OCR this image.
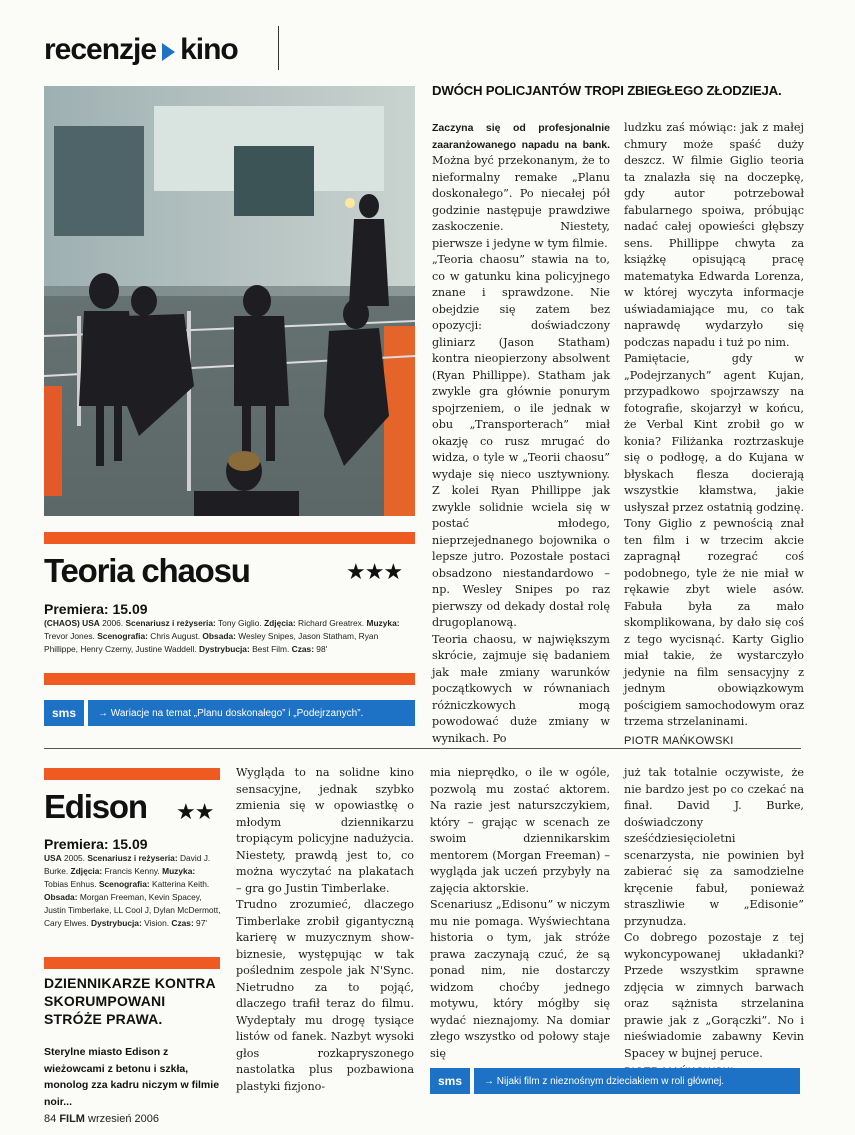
recenzje kino
DWÓCH POLICJANTÓW TROPI ZBIEGŁEGO ZŁODZIEJA.

Zaczyna się od profesjonalnie zaaranżowanego napadu na bank. Można być przekonanym, że to nieformalny remake „Planu doskonałego”. Po niecałej pół godzinie następuje prawdziwe zaskoczenie. Niestety, pierwsze i jedyne w tym filmie.

„Teoria chaosu” stawia na to, co w gatunku kina policyjnego znane i sprawdzone. Nie obejdzie się zatem bez opozycji: doświadczony gliniarz (Jason Statham) kontra nieopierzony absolwent (Ryan Phillippe). Statham jak zwykle gra głównie ponurym spojrzeniem, o ile jednak w obu „Transporterach” miał okazję co rusz mrugać do widza, o tyle w „Teorii chaosu” wydaje się nieco usztywniony. Z kolei Ryan Phillippe jak zwykle solidnie wciela się w postać młodego, nieprzejednanego bojownika o lepsze jutro. Pozostałe postaci obsadzono niestandardowo – np. Wesley Snipes po raz pierwszy od dekady dostał rolę drugoplanową.

Teoria chaosu, w największym skrócie, zajmuje się badaniem jak małe zmiany warunków początkowych w równaniach różniczkowych mogą powodować duże zmiany w wynikach. Po

ludzku zaś mówiąc: jak z małej chmury może spaść duży deszcz. W filmie Giglio teoria ta znalazła się na doczepkę, gdy autor potrzebował fabularnego spoiwa, próbując nadać całej opowieści głębszy sens. Phillippe chwyta za książkę opisującą pracę matematyka Edwarda Lorenza, w której wyczyta informacje uświadamiające mu, co tak naprawdę wydarzyło się podczas napadu i tuż po nim.

Pamiętacie, gdy w „Podejrzanych” agent Kujan, przypadkowo spojrzawszy na fotografie, skojarzył w końcu, że Verbal Kint zrobił go w konia? Filiżanka roztrzaskuje się o podłogę, a do Kujana w błyskach flesza docierają wszystkie kłamstwa, jakie usłyszał przez ostatnią godzinę. Tony Giglio z pewnością znał ten film i w trzecim akcie zapragnął rozegrać coś podobnego, tyle że nie miał w rękawie zbyt wiele asów. Fabuła była za mało skomplikowana, by dało się coś z tego wycisnąć. Karty Giglio miał takie, że wystarczyło jedynie na film sensacyjny z jednym obowiązkowym pościgiem samochodowym oraz trzema strzelaninami.

PIOTR MAŃKOWSKI

Teoria chaosu	★★★
Premiera: 15.09
(CHAOS) USA 2006. Scenariusz i reżyseria: Tony Giglio. Zdjęcia: Richard Greatrex. Muzyka: Trevor Jones. Scenografia: Chris August. Obsada: Wesley Snipes, Jason Statham, Ryan Phillippe, Henry Czerny, Justine Waddell. Dystrybucja: Best Film. Czas: 98'
sms	→ Wariacje na temat „Planu doskonałego” i „Podejrzanych”.
Edison ★★
Premiera: 15.09
USA 2005. Scenariusz i reżyseria: David J. Burke. Zdjęcia: Francis Kenny. Muzyka: Tobias Enhus. Scenografia: Katterina Keith. Obsada: Morgan Freeman, Kevin Spacey, Justin Timberlake, LL Cool J, Dylan McDermott, Cary Elwes. Dystrybucja: Vision. Czas: 97'
DZIENNIKARZE KONTRA SKORUMPOWANI STRÓŻE PRAWA.
Sterylne miasto Edison z wieżowcami z betonu i szkła, monolog zza kadru niczym w filmie noir...

Wygląda to na solidne kino sensacyjne, jednak szybko zmienia się w opowiastkę o młodym dziennikarzu tropiącym policyjne nadużycia. Niestety, prawdą jest to, co można wyczytać na plakatach – gra go Justin Timberlake.

Trudno zrozumieć, dlaczego Timberlake zrobił gigantyczną karierę w muzycznym show-biznesie, występując w tak poślednim zespole jak N'Sync. Nietrudno za to pojąć, dlaczego trafił teraz do filmu. Wydeptały mu drogę tysiące listów od fanek. Nazbyt wysoki głos rozkapryszonego nastolatka plus pozbawiona plastyki fizjono-

mia nieprędko, o ile w ogóle, pozwolą mu zostać aktorem. Na razie jest naturszczykiem, który – grając w scenach ze swoim dziennikarskim mentorem (Morgan Freeman) – wygląda jak uczeń przybyły na zajęcia aktorskie.

Scenariusz „Edisonu” w niczym mu nie pomaga. Wyświechtana historia o tym, jak stróże prawa zaczynają czuć, że są ponad nim, nie dostarczy widzom choćby jednego motywu, który mógłby się wydać nieznajomy. Na domiar złego wszystko od połowy staje się

już tak totalnie oczywiste, że nie bardzo jest po co czekać na finał. David J. Burke, doświadczony sześćdziesięcioletni scenarzysta, nie powinien był zabierać się za samodzielne kręcenie fabuł, ponieważ straszliwie w „Edisonie” przynudza.

Co dobrego pozostaje z tej wykoncypowanej układanki? Przede wszystkim sprawne zdjęcia w zimnych barwach oraz sążnista strzelanina prawie jak z „Gorączki”. No i nieświadomie zabawny Kevin Spacey w bujnej peruce.

sms	→ Nijaki film z nieznośnym dzieciakiem w roli głównej.
84 FILM wrzesień 2006
